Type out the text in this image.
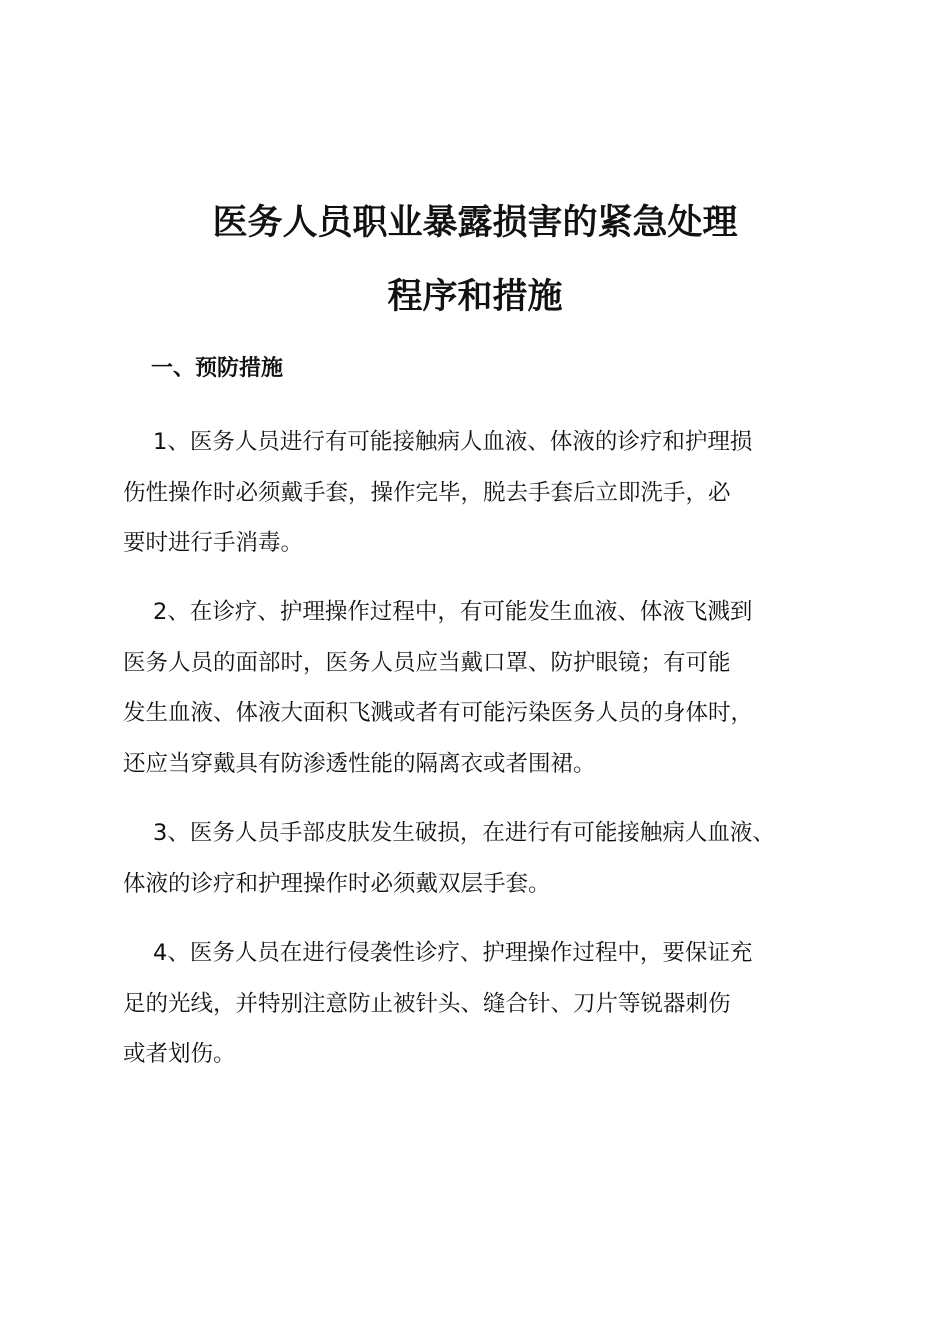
医务人员职业暴露损害的紧急处理
程序和措施
一、预防措施

1、医务人员进行有可能接触病人血液、体液的诊疗和护理损
伤性操作时必须戴手套，操作完毕，脱去手套后立即洗手，必
要时进行手消毒。

2、在诊疗、护理操作过程中，有可能发生血液、体液飞溅到
医务人员的面部时，医务人员应当戴口罩、防护眼镜；有可能
发生血液、体液大面积飞溅或者有可能污染医务人员的身体时，
还应当穿戴具有防渗透性能的隔离衣或者围裙。

3、医务人员手部皮肤发生破损，在进行有可能接触病人血液、
体液的诊疗和护理操作时必须戴双层手套。

4、医务人员在进行侵袭性诊疗、护理操作过程中，要保证充
足的光线，并特别注意防止被针头、缝合针、刀片等锐器刺伤
或者划伤。
